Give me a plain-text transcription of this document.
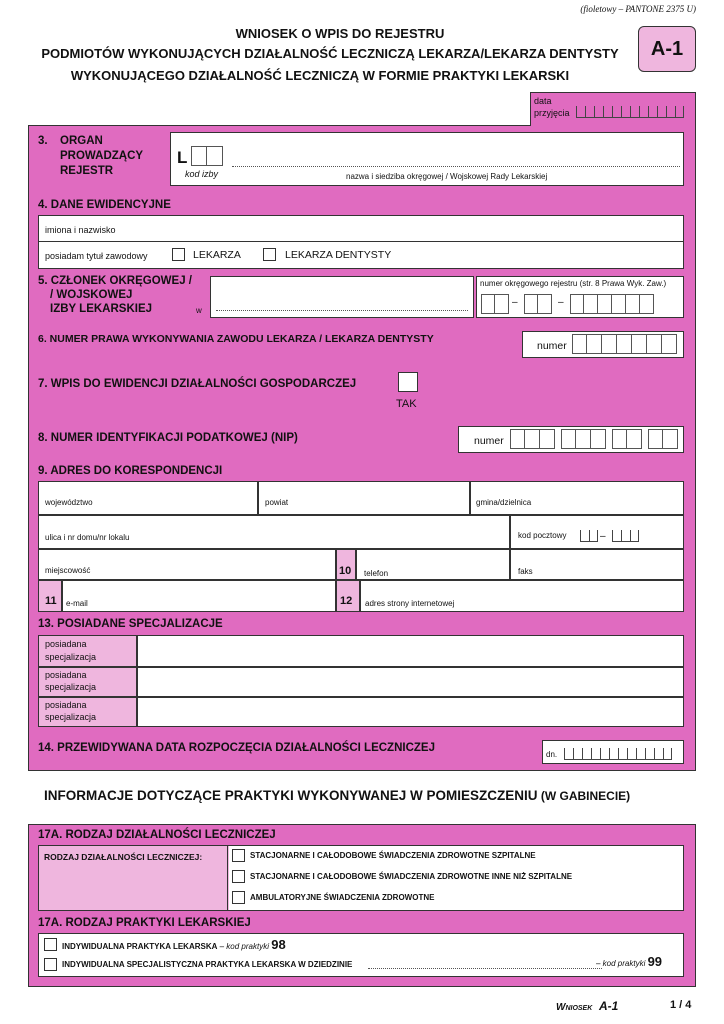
(fioletowy – PANTONE 2375 U)
WNIOSEK O WPIS DO REJESTRU
PODMIOTÓW WYKONUJĄCYCH DZIAŁALNOŚĆ LECZNICZĄ LEKARZA/LEKARZA DENTYSTY
WYKONUJĄCEGO DZIAŁALNOŚĆ LECZNICZĄ W FORMIE PRAKTYKI LEKARSKI
A-1
data
przyjęcia
3. ORGAN
PROWADZĄCY
REJESTR
L
kod izby	nazwa i siedziba okręgowej / Wojskowej Rady Lekarskiej
4. DANE EWIDENCYJNE
imiona i nazwisko
posiadam tytuł zawodowy	LEKARZA	LEKARZA DENTYSTY
5. CZŁONEK OKRĘGOWEJ /
/ WOJSKOWEJ
IZBY LEKARSKIEJ	w
numer okręgowego rejestru (str. 8 Prawa Wyk. Zaw.)
–	–
6. NUMER PRAWA WYKONYWANIA ZAWODU LEKARZA / LEKARZA DENTYSTY
numer
7. WPIS DO EWIDENCJI DZIAŁALNOŚCI GOSPODARCZEJ
TAK
8. NUMER IDENTYFIKACJI PODATKOWEJ (NIP)	numer
9. ADRES DO KORESPONDENCJI
województwo	powiat	gmina/dzielnica
ulica i nr domu/nr lokalu	kod pocztowy	–
miejscowość	10 telefon	faks
11 e-mail	12 adres strony internetowej
13. POSIADANE SPECJALIZACJE
posiadana
specjalizacja
posiadana
specjalizacja
posiadana
specjalizacja
14. PRZEWIDYWANA DATA ROZPOCZĘCIA DZIAŁALNOŚCI LECZNICZEJ
dn.
INFORMACJE DOTYCZĄCE PRAKTYKI WYKONYWANEJ W POMIESZCZENIU (W GABINECIE)
17A. RODZAJ DZIAŁALNOŚCI LECZNICZEJ
RODZAJ DZIAŁALNOŚCI LECZNICZEJ:	STACJONARNE I CAŁODOBOWE ŚWIADCZENIA ZDROWOTNE SZPITALNE
STACJONARNE I CAŁODOBOWE ŚWIADCZENIA ZDROWOTNE INNE NIŻ SZPITALNE
AMBULATORYJNE ŚWIADCZENIA ZDROWOTNE
17A. RODZAJ PRAKTYKI LEKARSKIEJ
INDYWIDUALNA PRAKTYKA LEKARSKA – kod praktyki 98
INDYWIDUALNA SPECJALISTYCZNA PRAKTYKA LEKARSKA W DZIEDZINIE	– kod praktyki 99
Wniosek A-1	1 / 4
